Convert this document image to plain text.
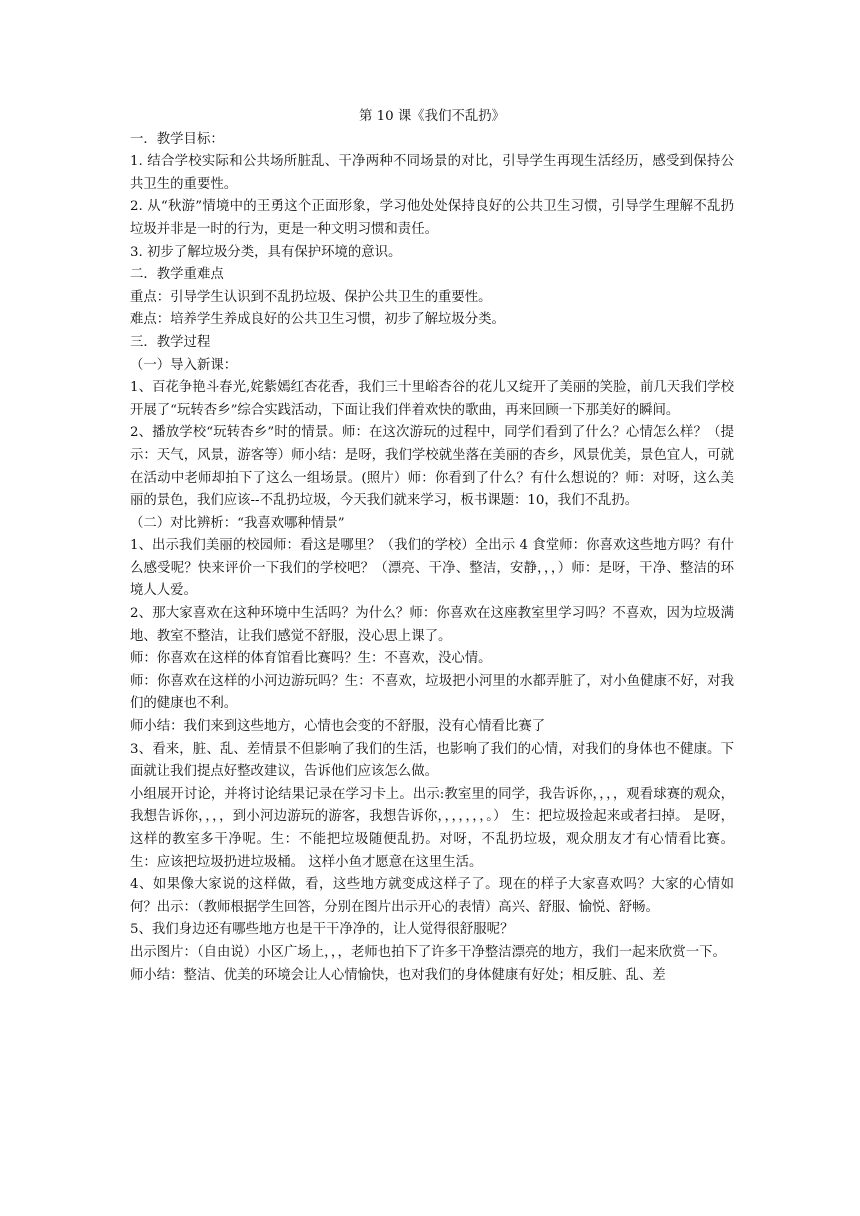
第 10 课《我们不乱扔》

一．教学目标：

1. 结合学校实际和公共场所脏乱、干净两种不同场景的对比，引导学生再现生活经历，感受到保持公共卫生的重要性。

2. 从“秋游”情境中的王勇这个正面形象，学习他处处保持良好的公共卫生习惯，引导学生理解不乱扔垃圾并非是一时的行为，更是一种文明习惯和责任。

3. 初步了解垃圾分类，具有保护环境的意识。

二．教学重难点

重点：引导学生认识到不乱扔垃圾、保护公共卫生的重要性。

难点：培养学生养成良好的公共卫生习惯，初步了解垃圾分类。

三．教学过程

（一）导入新课：

1、百花争艳斗春光,姹紫嫣红杏花香，我们三十里峪杏谷的花儿又绽开了美丽的笑脸，前几天我们学校开展了“玩转杏乡”综合实践活动，下面让我们伴着欢快的歌曲，再来回顾一下那美好的瞬间。

2、播放学校“玩转杏乡”时的情景。师：在这次游玩的过程中，同学们看到了什么？心情怎么样？（提示：天气，风景，游客等）师小结：是呀，我们学校就坐落在美丽的杏乡，风景优美，景色宜人，可就在活动中老师却拍下了这么一组场景。(照片）师：你看到了什么？有什么想说的？师：对呀，这么美丽的景色，我们应该--不乱扔垃圾，今天我们就来学习，板书课题：10，我们不乱扔。

（二）对比辨析：“我喜欢哪种情景”

1、出示我们美丽的校园师：看这是哪里？（我们的学校）全出示 4 食堂师：你喜欢这些地方吗？有什么感受呢？快来评价一下我们的学校吧？（漂亮、干净、整洁，安静，，，）师：是呀，干净、整洁的环境人人爱。

2、那大家喜欢在这种环境中生活吗？为什么？师：你喜欢在这座教室里学习吗？不喜欢，因为垃圾满地、教室不整洁，让我们感觉不舒服，没心思上课了。

师：你喜欢在这样的体育馆看比赛吗？生：不喜欢，没心情。

师：你喜欢在这样的小河边游玩吗？生：不喜欢，垃圾把小河里的水都弄脏了，对小鱼健康不好，对我们的健康也不利。

师小结：我们来到这些地方，心情也会变的不舒服，没有心情看比赛了

3、看来，脏、乱、差情景不但影响了我们的生活，也影响了我们的心情，对我们的身体也不健康。下面就让我们提点好整改建议，告诉他们应该怎么做。

小组展开讨论，并将讨论结果记录在学习卡上。出示:教室里的同学，我告诉你，，，，观看球赛的观众，我想告诉你，，，，到小河边游玩的游客，我想告诉你，，，，，，，。） 生：把垃圾捡起来或者扫掉。 是呀，这样的教室多干净呢。生：不能把垃圾随便乱扔。对呀，不乱扔垃圾，观众朋友才有心情看比赛。 生：应该把垃圾扔进垃圾桶。 这样小鱼才愿意在这里生活。

4、如果像大家说的这样做，看，这些地方就变成这样子了。现在的样子大家喜欢吗？大家的心情如何？出示：（教师根据学生回答，分别在图片出示开心的表情）高兴、舒服、愉悦、舒畅。

5、我们身边还有哪些地方也是干干净净的，让人觉得很舒服呢？

出示图片：（自由说）小区广场上，，，老师也拍下了许多干净整洁漂亮的地方，我们一起来欣赏一下。

师小结：整洁、优美的环境会让人心情愉快，也对我们的身体健康有好处；相反脏、乱、差
